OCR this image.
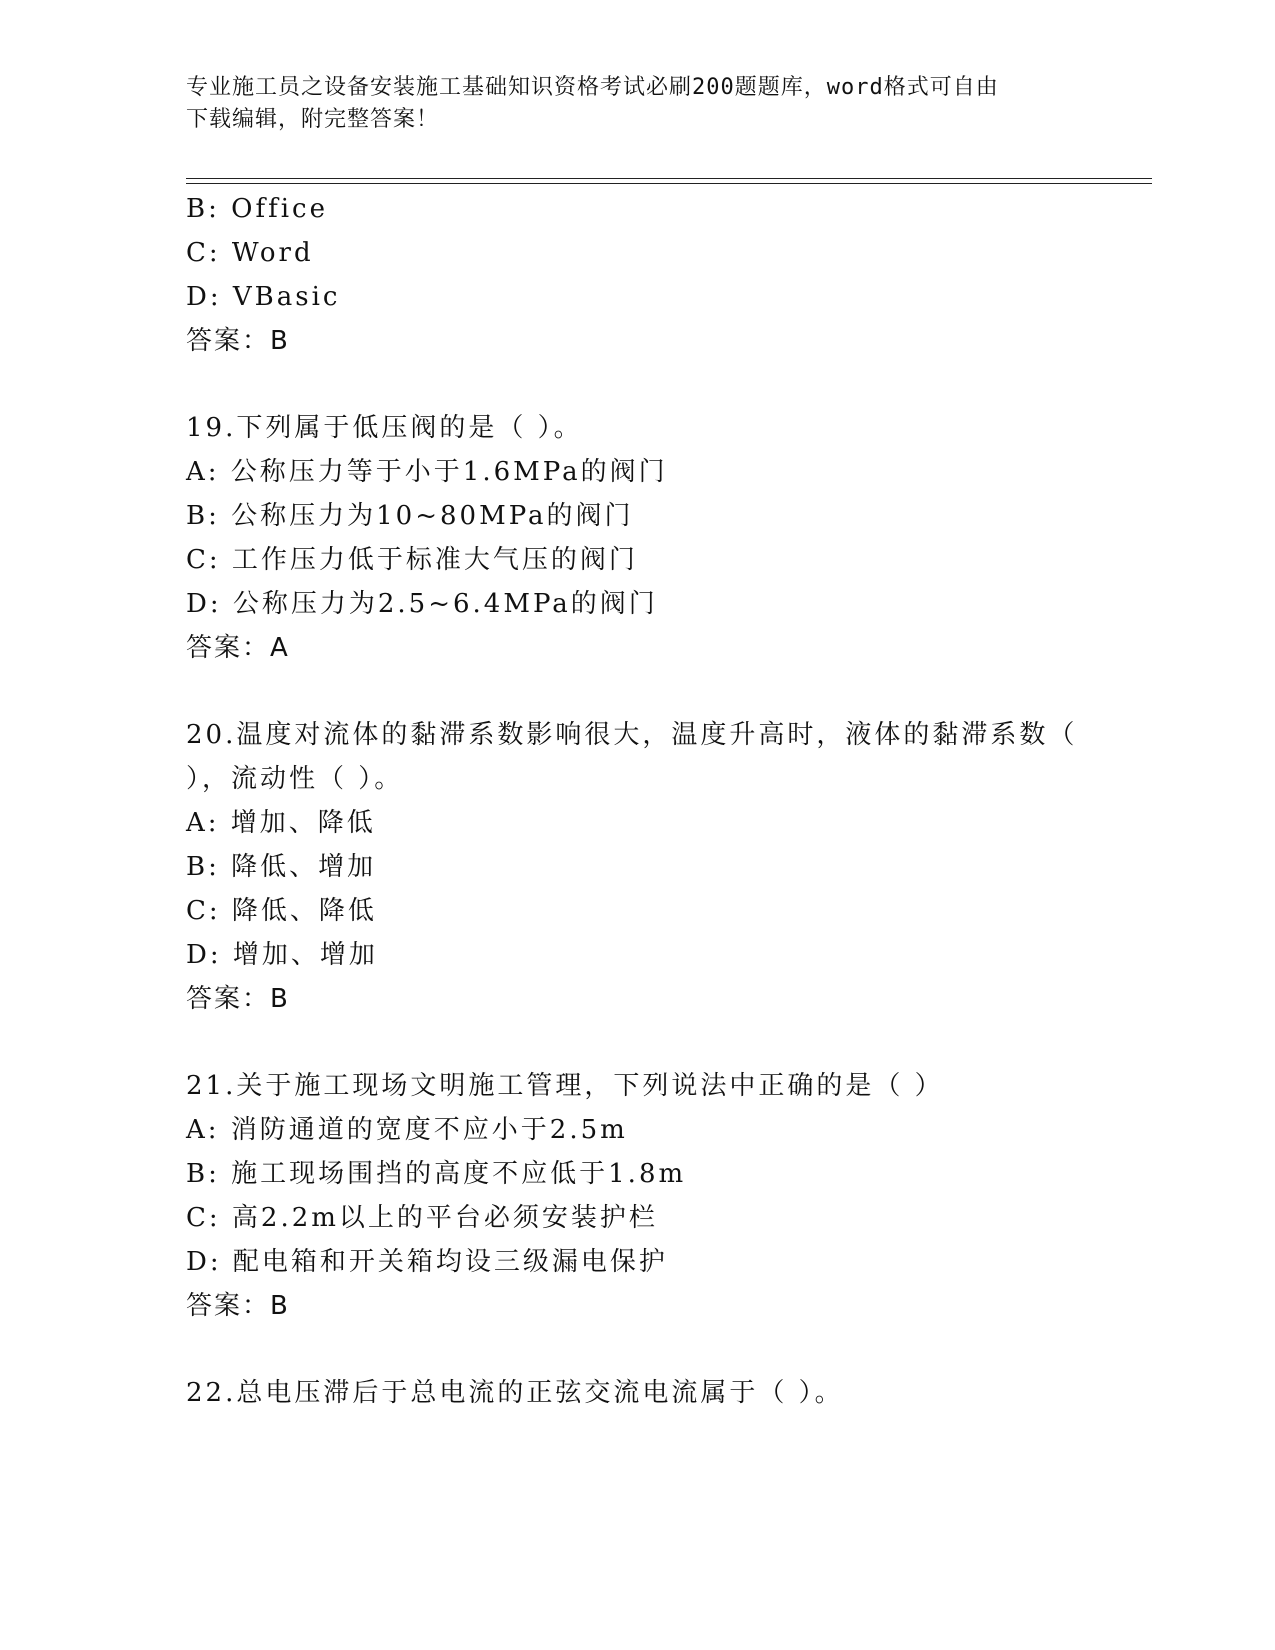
专业施工员之设备安装施工基础知识资格考试必刷200题题库，word格式可自由
下载编辑，附完整答案！
B: Office
C: Word
D: VBasic
答案：B
19.下列属于低压阀的是（ ）。
A: 公称压力等于小于1.6MPa的阀门
B: 公称压力为10~80MPa的阀门
C: 工作压力低于标准大气压的阀门
D: 公称压力为2.5~6.4MPa的阀门
答案：A
20.温度对流体的黏滞系数影响很大，温度升高时，液体的黏滞系数（
），流动性（ ）。
A: 增加、降低
B: 降低、增加
C: 降低、降低
D: 增加、增加
答案：B
21.关于施工现场文明施工管理，下列说法中正确的是（ ）
A: 消防通道的宽度不应小于2.5m
B: 施工现场围挡的高度不应低于1.8m
C: 高2.2m以上的平台必须安装护栏
D: 配电箱和开关箱均设三级漏电保护
答案：B
22.总电压滞后于总电流的正弦交流电流属于（ ）。
